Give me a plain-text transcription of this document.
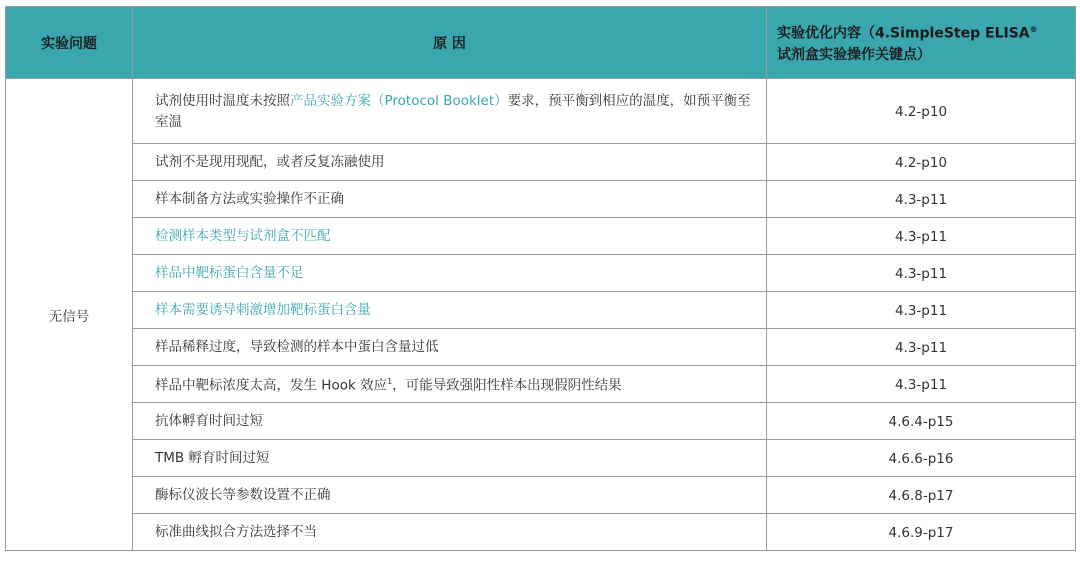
实验问题	原 因	实验优化内容（4.SimpleStep ELISA®
试剂盒实验操作关键点）
无信号	试剂使用时温度未按照产品实验方案（Protocol Booklet）要求，预平衡到相应的温度，如预平衡至室温	4.2-p10
	试剂不是现用现配，或者反复冻融使用	4.2-p10
	样本制备方法或实验操作不正确	4.3-p11
	检测样本类型与试剂盒不匹配	4.3-p11
	样品中靶标蛋白含量不足	4.3-p11
	样本需要诱导刺激增加靶标蛋白含量	4.3-p11
	样品稀释过度，导致检测的样本中蛋白含量过低	4.3-p11
	样品中靶标浓度太高，发生 Hook 效应$^1$，可能导致强阳性样本出现假阴性结果	4.3-p11
	抗体孵育时间过短	4.6.4-p15
	TMB 孵育时间过短	4.6.6-p16
	酶标仪波长等参数设置不正确	4.6.8-p17
	标准曲线拟合方法选择不当	4.6.9-p17
